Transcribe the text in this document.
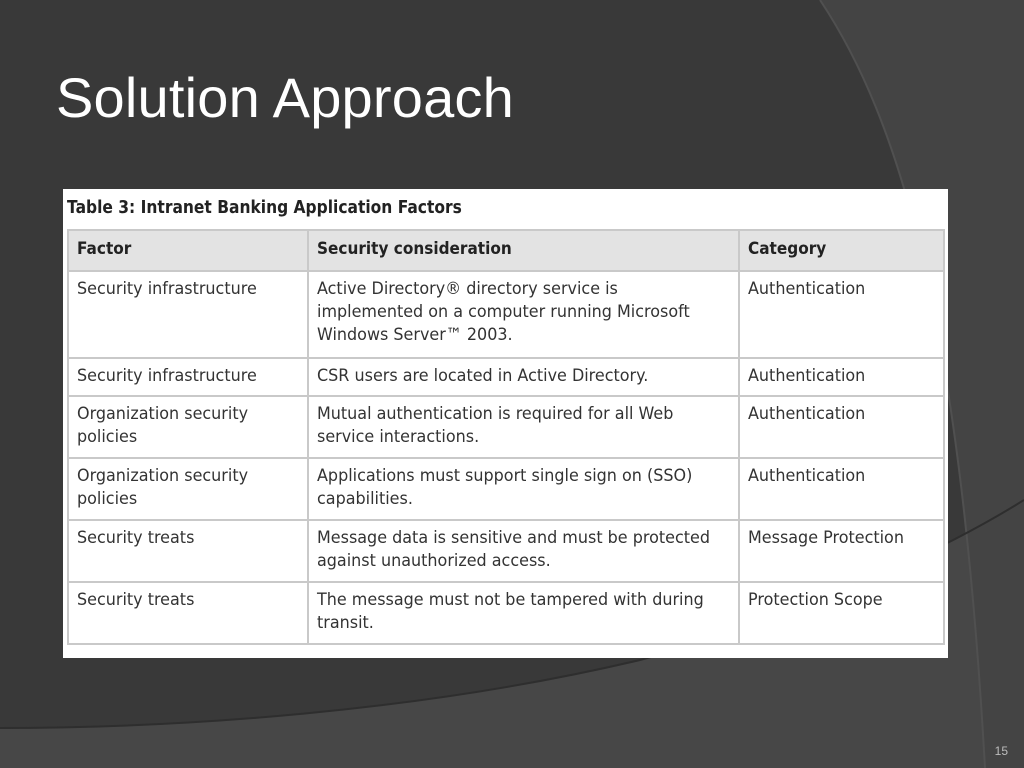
Solution Approach
Table 3: Intranet Banking Application Factors
Factor	Security consideration	Category
Security infrastructure	Active Directory® directory service is implemented on a computer running Microsoft Windows Server™ 2003.	Authentication
Security infrastructure	CSR users are located in Active Directory.	Authentication
Organization security policies	Mutual authentication is required for all Web service interactions.	Authentication
Organization security policies	Applications must support single sign on (SSO) capabilities.	Authentication
Security treats	Message data is sensitive and must be protected against unauthorized access.	Message Protection
Security treats	The message must not be tampered with during transit.	Protection Scope
15
